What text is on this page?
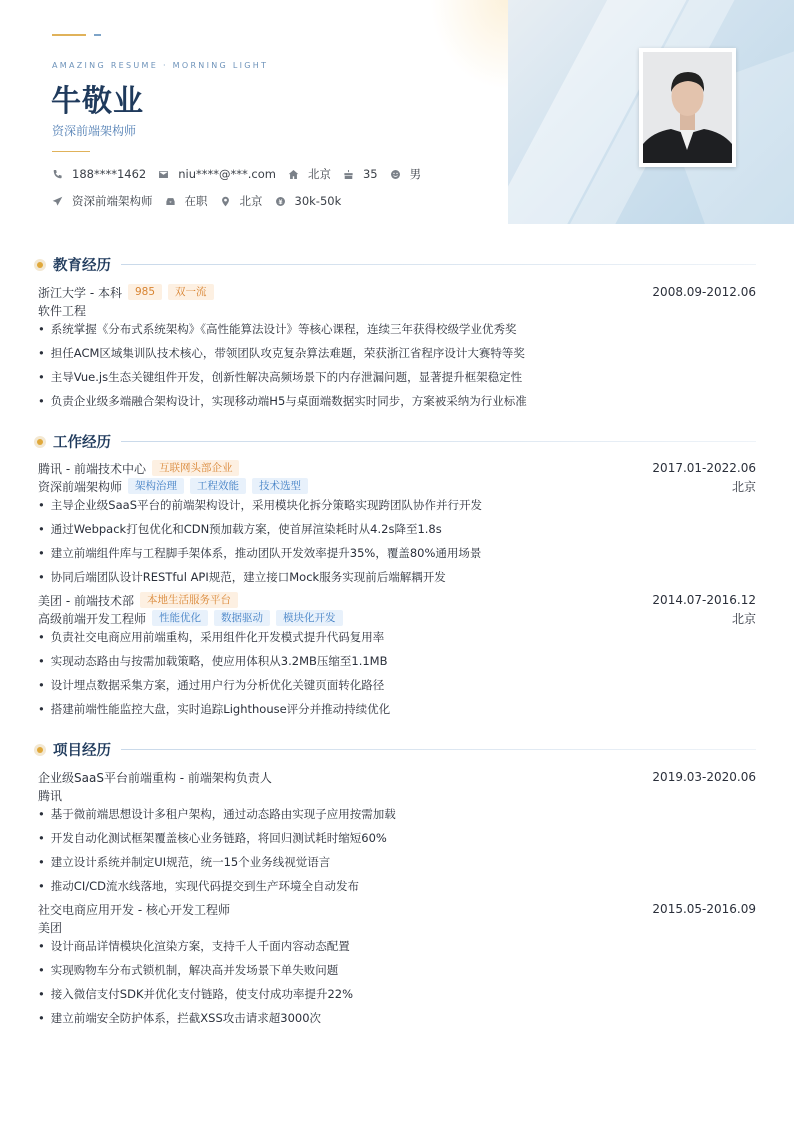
AMAZING RESUME · MORNING LIGHT
牛敬业
资深前端架构师
188****1462	niu****@***.com	北京	35	男
资深前端架构师	在职	北京	30k-50k
教育经历
浙江大学 - 本科	985	双一流	2008.09-2012.06
软件工程
• 系统掌握《分布式系统架构》《高性能算法设计》等核心课程，连续三年获得校级学业优秀奖
• 担任ACM区域集训队技术核心，带领团队攻克复杂算法难题，荣获浙江省程序设计大赛特等奖
• 主导Vue.js生态关键组件开发，创新性解决高频场景下的内存泄漏问题，显著提升框架稳定性
• 负责企业级多端融合架构设计，实现移动端H5与桌面端数据实时同步，方案被采纳为行业标准
工作经历
腾讯 - 前端技术中心	互联网头部企业	2017.01-2022.06
资深前端架构师	架构治理	工程效能	技术选型	北京
• 主导企业级SaaS平台的前端架构设计，采用模块化拆分策略实现跨团队协作并行开发
• 通过Webpack打包优化和CDN预加载方案，使首屏渲染耗时从4.2s降至1.8s
• 建立前端组件库与工程脚手架体系，推动团队开发效率提升35%，覆盖80%通用场景
• 协同后端团队设计RESTful API规范，建立接口Mock服务实现前后端解耦开发
美团 - 前端技术部	本地生活服务平台	2014.07-2016.12
高级前端开发工程师	性能优化	数据驱动	模块化开发	北京
• 负责社交电商应用前端重构，采用组件化开发模式提升代码复用率
• 实现动态路由与按需加载策略，使应用体积从3.2MB压缩至1.1MB
• 设计埋点数据采集方案，通过用户行为分析优化关键页面转化路径
• 搭建前端性能监控大盘，实时追踪Lighthouse评分并推动持续优化
项目经历
企业级SaaS平台前端重构 - 前端架构负责人	2019.03-2020.06
腾讯
• 基于微前端思想设计多租户架构，通过动态路由实现子应用按需加载
• 开发自动化测试框架覆盖核心业务链路，将回归测试耗时缩短60%
• 建立设计系统并制定UI规范，统一15个业务线视觉语言
• 推动CI/CD流水线落地，实现代码提交到生产环境全自动发布
社交电商应用开发 - 核心开发工程师	2015.05-2016.09
美团
• 设计商品详情模块化渲染方案，支持千人千面内容动态配置
• 实现购物车分布式锁机制，解决高并发场景下单失败问题
• 接入微信支付SDK并优化支付链路，使支付成功率提升22%
• 建立前端安全防护体系，拦截XSS攻击请求超3000次
